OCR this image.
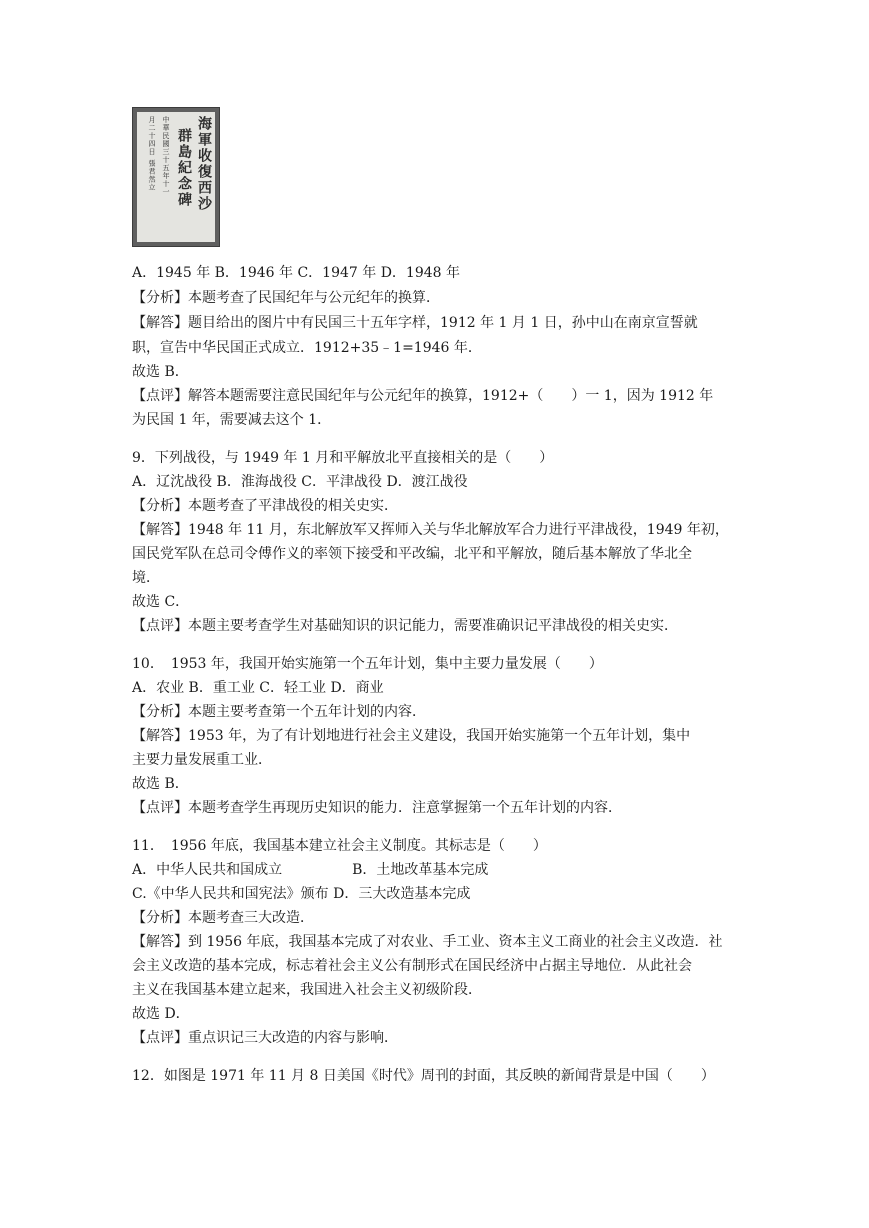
海軍收復西沙
群島紀念碑
中華民國三十五年十一
月二十四日 張君然立
A．1945 年 B．1946 年 C．1947 年 D．1948 年
【分析】本题考查了民国纪年与公元纪年的换算．
【解答】题目给出的图片中有民国三十五年字样，1912 年 1 月 1 日，孙中山在南京宣誓就
职，宣告中华民国正式成立．1912+35﹣1=1946 年．
故选 B．
【点评】解答本题需要注意民国纪年与公元纪年的换算，1912+（　　）一 1，因为 1912 年
为民国 1 年，需要减去这个 1．
9．下列战役，与 1949 年 1 月和平解放北平直接相关的是（　　）
A．辽沈战役 B．淮海战役 C．平津战役 D．渡江战役
【分析】本题考查了平津战役的相关史实．
【解答】1948 年 11 月，东北解放军又挥师入关与华北解放军合力进行平津战役，1949 年初，
国民党军队在总司令傅作义的率领下接受和平改编，北平和平解放，随后基本解放了华北全
境．
故选 C．
【点评】本题主要考查学生对基础知识的识记能力，需要准确识记平津战役的相关史实．
10．　1953 年，我国开始实施第一个五年计划，集中主要力量发展（　　）
A．农业 B．重工业 C．轻工业 D．商业
【分析】本题主要考查第一个五年计划的内容．
【解答】1953 年，为了有计划地进行社会主义建设，我国开始实施第一个五年计划，集中
主要力量发展重工业．
故选 B．
【点评】本题考查学生再现历史知识的能力．注意掌握第一个五年计划的内容．
11．　1956 年底，我国基本建立社会主义制度。其标志是（　　）
A．中华人民共和国成立　　　　　B．土地改革基本完成
C.《中华人民共和国宪法》颁布 D．三大改造基本完成
【分析】本题考查三大改造．
【解答】到 1956 年底，我国基本完成了对农业、手工业、资本主义工商业的社会主义改造．社
会主义改造的基本完成，标志着社会主义公有制形式在国民经济中占据主导地位．从此社会
主义在我国基本建立起来，我国进入社会主义初级阶段．
故选 D．
【点评】重点识记三大改造的内容与影响．
12．如图是 1971 年 11 月 8 日美国《时代》周刊的封面，其反映的新闻背景是中国（　　）
